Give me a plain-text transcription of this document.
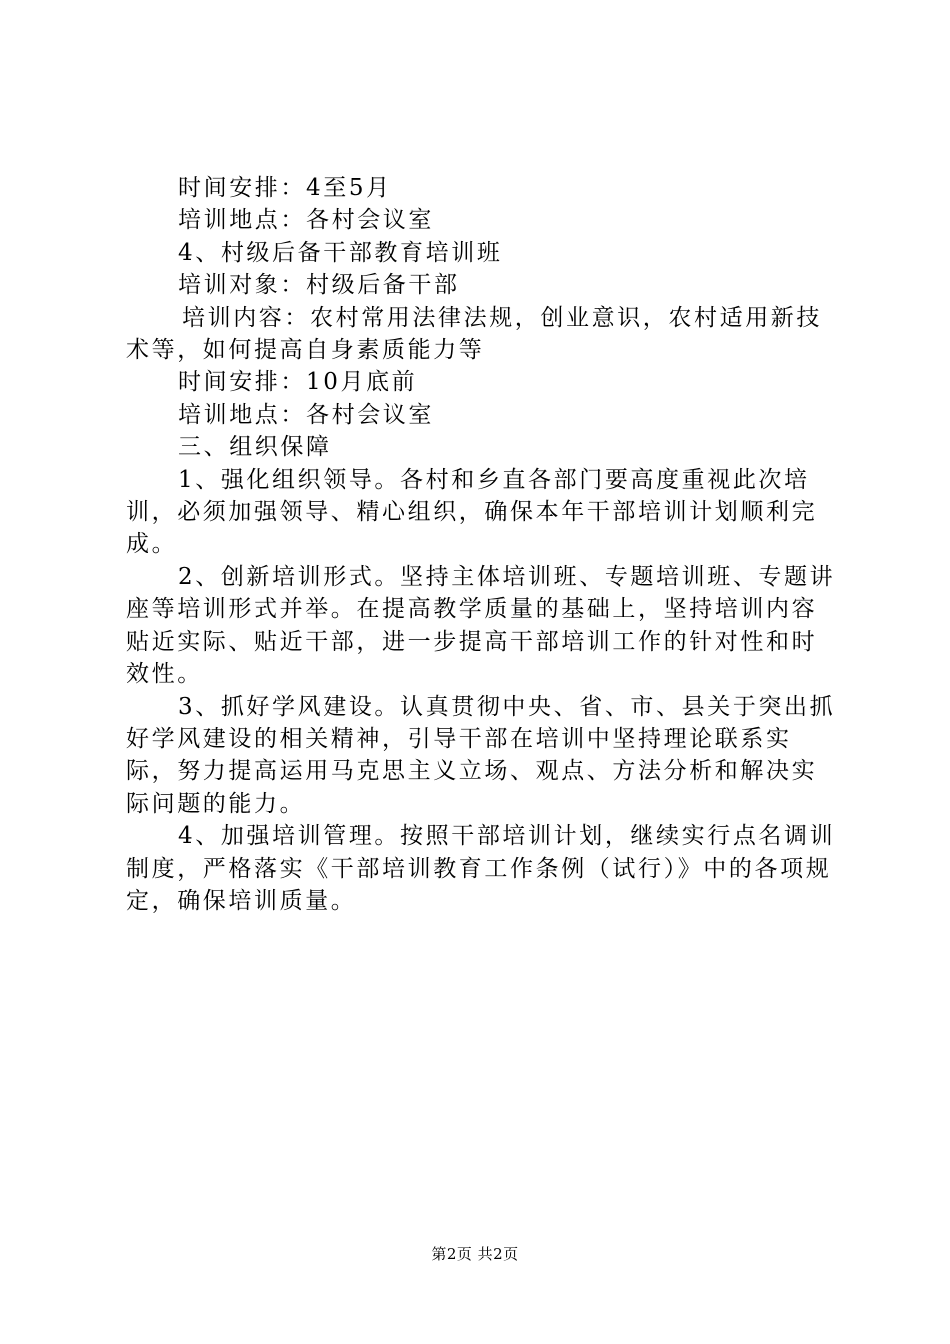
时间安排：4至5月

培训地点：各村会议室

4、村级后备干部教育培训班

培训对象：村级后备干部

培训内容：农村常用法律法规，创业意识，农村适用新技术等，如何提高自身素质能力等

时间安排：10月底前

培训地点：各村会议室

三、组织保障

1、强化组织领导。各村和乡直各部门要高度重视此次培训，必须加强领导、精心组织，确保本年干部培训计划顺利完成。

2、创新培训形式。坚持主体培训班、专题培训班、专题讲座等培训形式并举。在提高教学质量的基础上，坚持培训内容贴近实际、贴近干部，进一步提高干部培训工作的针对性和时效性。

3、抓好学风建设。认真贯彻中央、省、市、县关于突出抓好学风建设的相关精神，引导干部在培训中坚持理论联系实际，努力提高运用马克思主义立场、观点、方法分析和解决实际问题的能力。

4、加强培训管理。按照干部培训计划，继续实行点名调训制度，严格落实《干部培训教育工作条例（试行）》中的各项规定，确保培训质量。

第2页 共2页
